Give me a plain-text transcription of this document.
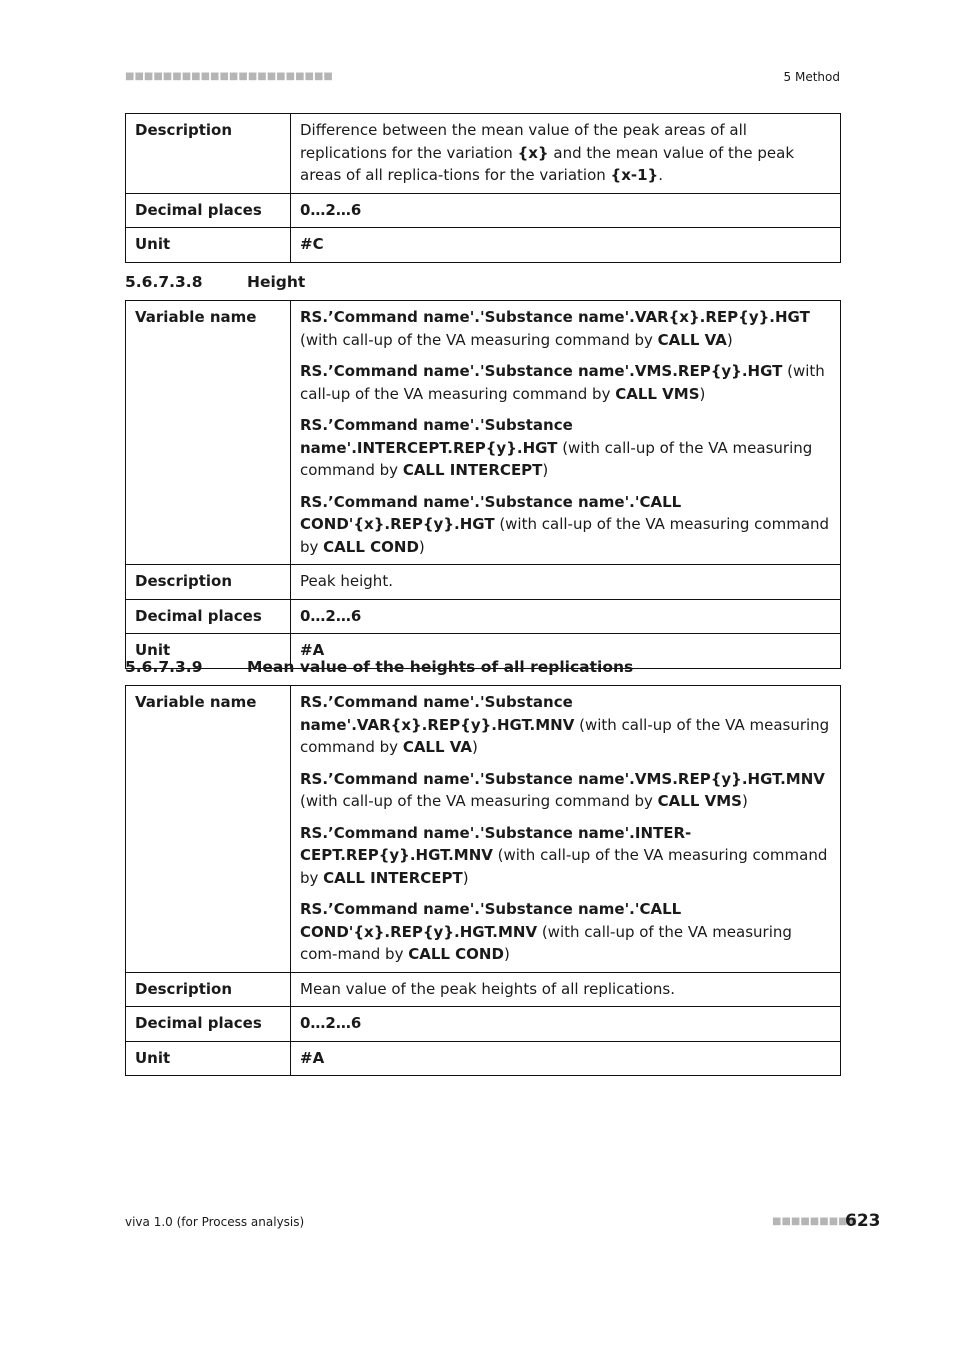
■■■■■■■■■■■■■■■■■■■■■■	5 Method
Description	Difference between the mean value of the peak areas of all replications for the variation {x} and the mean value of the peak areas of all replica-tions for the variation {x-1}.
Decimal places	0…2…6
Unit	#C
5.6.7.3.8	Height
Variable name	RS.’Command name'.'Substance name'.VAR{x}.REP{y}.HGT (with call-up of the VA measuring command by CALL VA)

RS.’Command name'.'Substance name'.VMS.REP{y}.HGT (with call-up of the VA measuring command by CALL VMS)

RS.’Command name'.'Substance name'.INTERCEPT.REP{y}.HGT (with call-up of the VA measuring command by CALL INTERCEPT)

RS.’Command name'.'Substance name'.'CALL COND'{x}.REP{y}.HGT (with call-up of the VA measuring command by CALL COND)

Description	Peak height.
Decimal places	0…2…6
Unit	#A
5.6.7.3.9	Mean value of the heights of all replications
Variable name	RS.’Command name'.'Substance name'.VAR{x}.REP{y}.HGT.MNV (with call-up of the VA measuring command by CALL VA)

RS.’Command name'.'Substance name'.VMS.REP{y}.HGT.MNV (with call-up of the VA measuring command by CALL VMS)

RS.’Command name'.'Substance name'.INTER-CEPT.REP{y}.HGT.MNV (with call-up of the VA measuring command by CALL INTERCEPT)

RS.’Command name'.'Substance name'.'CALL COND'{x}.REP{y}.HGT.MNV (with call-up of the VA measuring com-mand by CALL COND)

Description	Mean value of the peak heights of all replications.
Decimal places	0…2…6
Unit	#A
viva 1.0 (for Process analysis)	■■■■■■■■■
623
